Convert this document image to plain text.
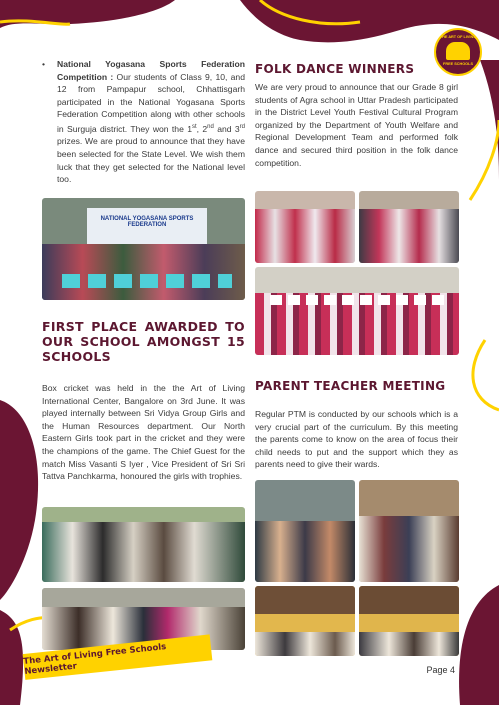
THE ART OF LIVING
FREE SCHOOLS
• National Yogasana Sports Federation Competition : Our students of Class 9, 10, and 12 from Pampapur school, Chhattisgarh participated in the National Yogasana Sports Federation Competition along with other schools in Surguja district. They won the 1st, 2nd and 3rd prizes. We are proud to announce that they have been selected for the State Level. We wish them luck that they get selected for the National level too.
NATIONAL YOGASANA SPORTS FEDERATION
FIRST PLACE AWARDED TO OUR SCHOOL AMONGST 15 SCHOOLS
Box cricket was held in the the Art of Living International Center, Bangalore on 3rd June. It was played internally between Sri Vidya Group Girls and the Human Resources department. Our North Eastern Girls took part in the cricket and they were the champions of the game. The Chief Guest for the match Miss Vasanti S Iyer , Vice President of Sri Sri Tattva Panchkarma, honoured the girls with trophies.
FOLK DANCE WINNERS
We are very proud to announce that our Grade 8 girl students of Agra school in Uttar Pradesh participated in the District Level Youth Festival Cultural Program organized by the Department of Youth Welfare and Regional Development Team and performed folk dance and secured third position in the folk dance competition.
PARENT TEACHER MEETING
Regular PTM is conducted by our schools which is a very crucial part of the curriculum. By this meeting the parents come to know on the area of focus their child needs to put and the support which they as parents need to give their wards.
The Art of Living Free Schools Newsletter	Page 4
